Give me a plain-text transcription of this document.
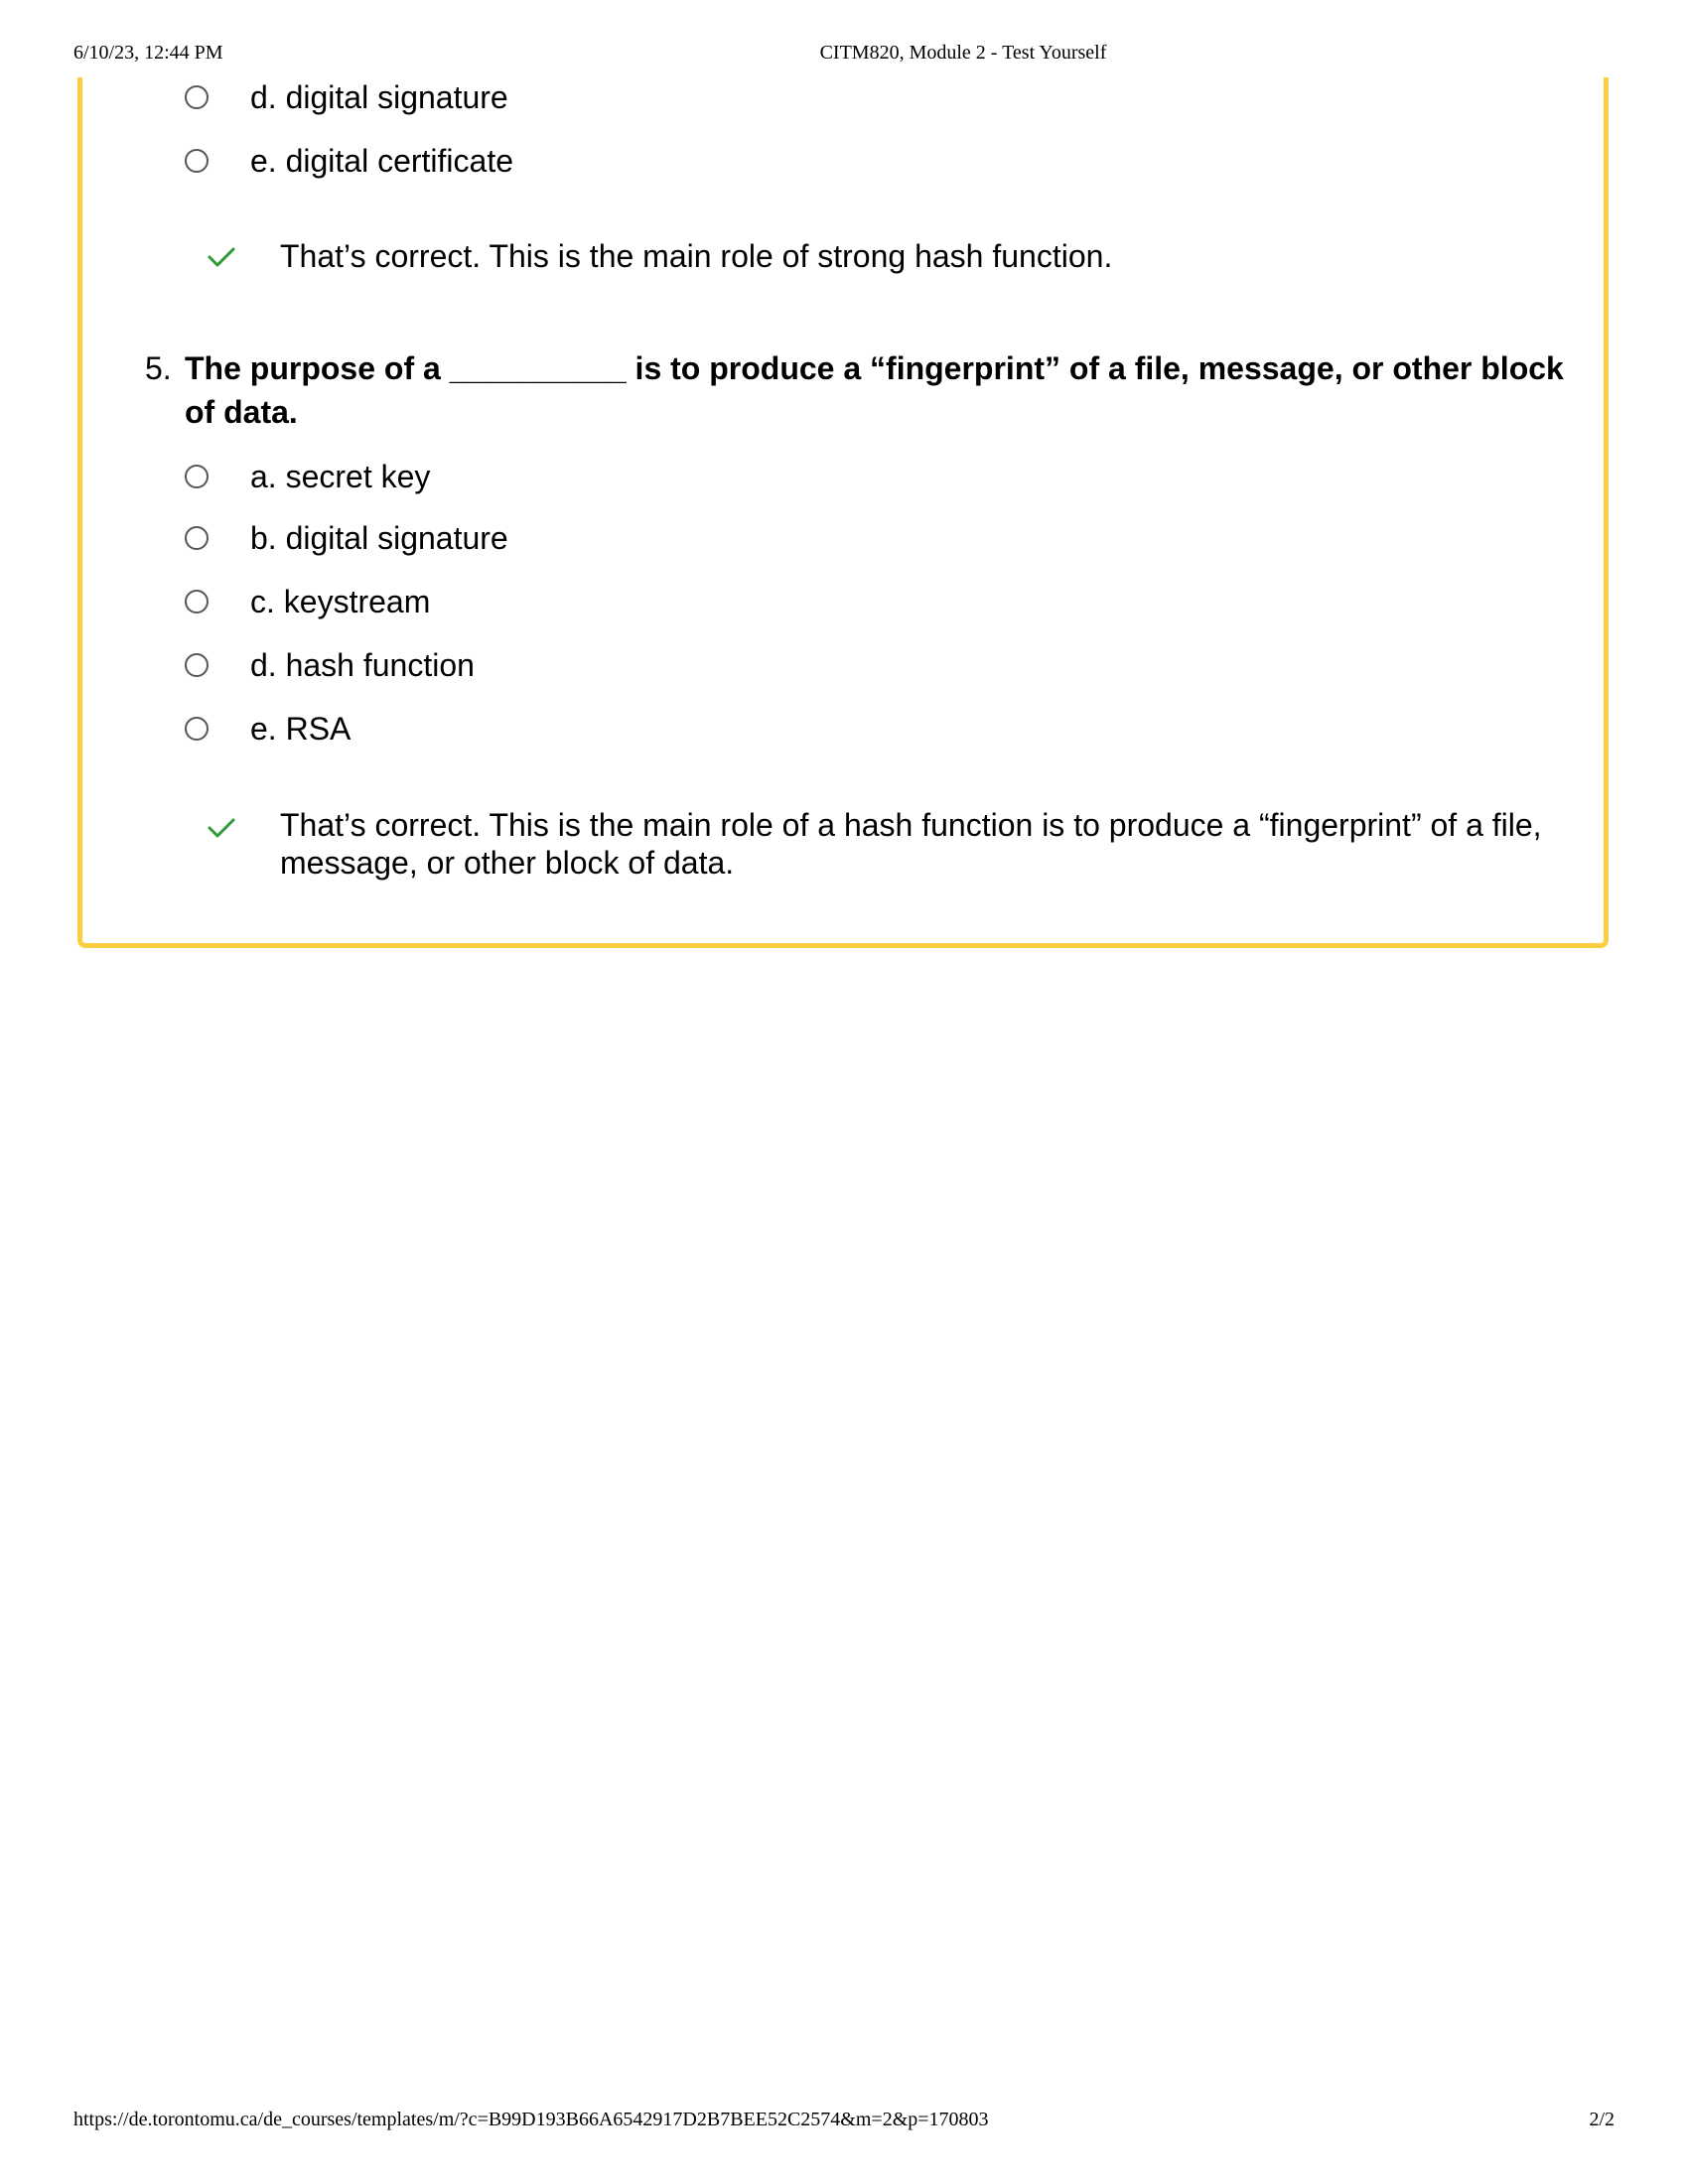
6/10/23, 12:44 PM	CITM820, Module 2 - Test Yourself
d. digital signature
e. digital certificate
That’s correct. This is the main role of strong hash function.
5. The purpose of a __________ is to produce a “fingerprint” of a file, message, or other block of data.
a. secret key
b. digital signature
c. keystream
d. hash function
e. RSA
That’s correct. This is the main role of a hash function is to produce a “fingerprint” of a file, message, or other block of data.
https://de.torontomu.ca/de_courses/templates/m/?c=B99D193B66A6542917D2B7BEE52C2574&m=2&p=170803	2/2
